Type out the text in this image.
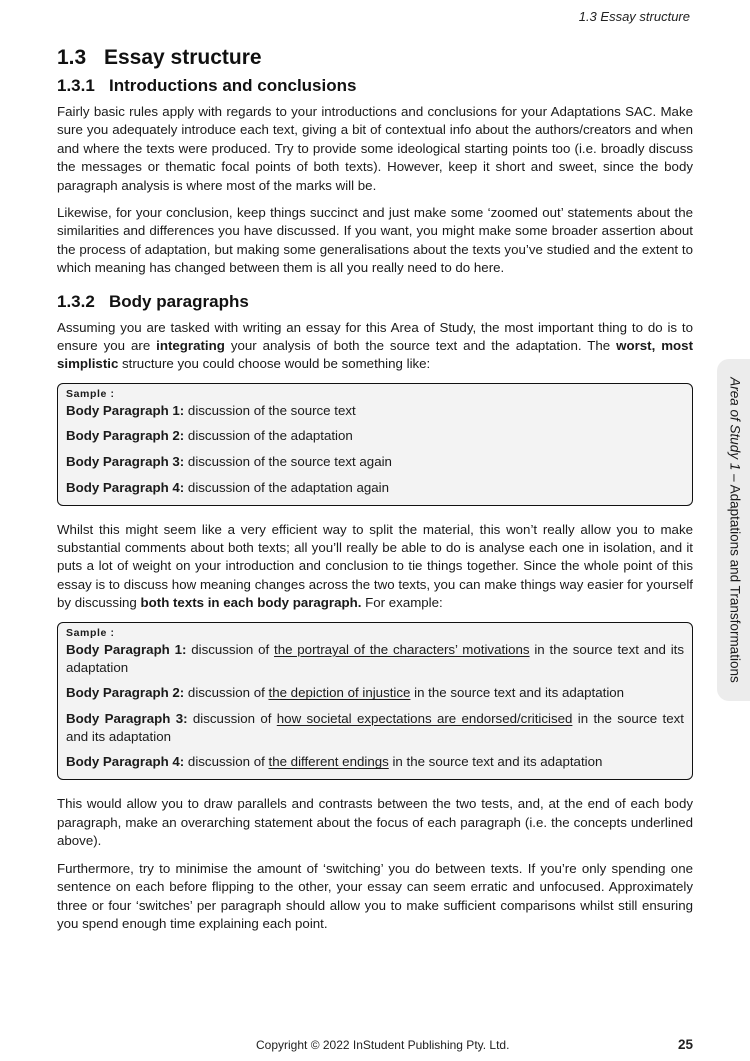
1.3 Essay structure
1.3 Essay structure
1.3.1 Introductions and conclusions

Fairly basic rules apply with regards to your introductions and conclusions for your Adaptations SAC. Make sure you adequately introduce each text, giving a bit of contextual info about the authors/creators and when and where the texts were produced. Try to provide some ideological starting points too (i.e. broadly discuss the messages or thematic focal points of both texts). However, keep it short and sweet, since the body paragraph analysis is where most of the marks will be.

Likewise, for your conclusion, keep things succinct and just make some ‘zoomed out’ statements about the similarities and differences you have discussed. If you want, you might make some broader assertion about the process of adaptation, but making some generalisations about the texts you’ve studied and the extent to which meaning has changed between them is all you really need to do here.

1.3.2 Body paragraphs

Assuming you are tasked with writing an essay for this Area of Study, the most important thing to do is to ensure you are integrating your analysis of both the source text and the adaptation. The worst, most simplistic structure you could choose would be something like:

Sample :
Body Paragraph 1: discussion of the source text
Body Paragraph 2: discussion of the adaptation
Body Paragraph 3: discussion of the source text again
Body Paragraph 4: discussion of the adaptation again

Whilst this might seem like a very efficient way to split the material, this won’t really allow you to make substantial comments about both texts; all you’ll really be able to do is analyse each one in isolation, and it puts a lot of weight on your introduction and conclusion to tie things together. Since the whole point of this essay is to discuss how meaning changes across the two texts, you can make things way easier for yourself by discussing both texts in each body paragraph. For example:

Sample :
Body Paragraph 1: discussion of the portrayal of the characters’ motivations in the source text and its adaptation
Body Paragraph 2: discussion of the depiction of injustice in the source text and its adaptation
Body Paragraph 3: discussion of how societal expectations are endorsed/criticised in the source text and its adaptation
Body Paragraph 4: discussion of the different endings in the source text and its adaptation

This would allow you to draw parallels and contrasts between the two tests, and, at the end of each body paragraph, make an overarching statement about the focus of each paragraph (i.e. the concepts underlined above).

Furthermore, try to minimise the amount of ‘switching’ you do between texts. If you’re only spending one sentence on each before flipping to the other, your essay can seem erratic and unfocused. Approximately three or four ‘switches’ per paragraph should allow you to make sufficient comparisons whilst still ensuring you spend enough time explaining each point.

Area of Study 1 – Adaptations and Transformations
Copyright © 2022 InStudent Publishing Pty. Ltd.	25
